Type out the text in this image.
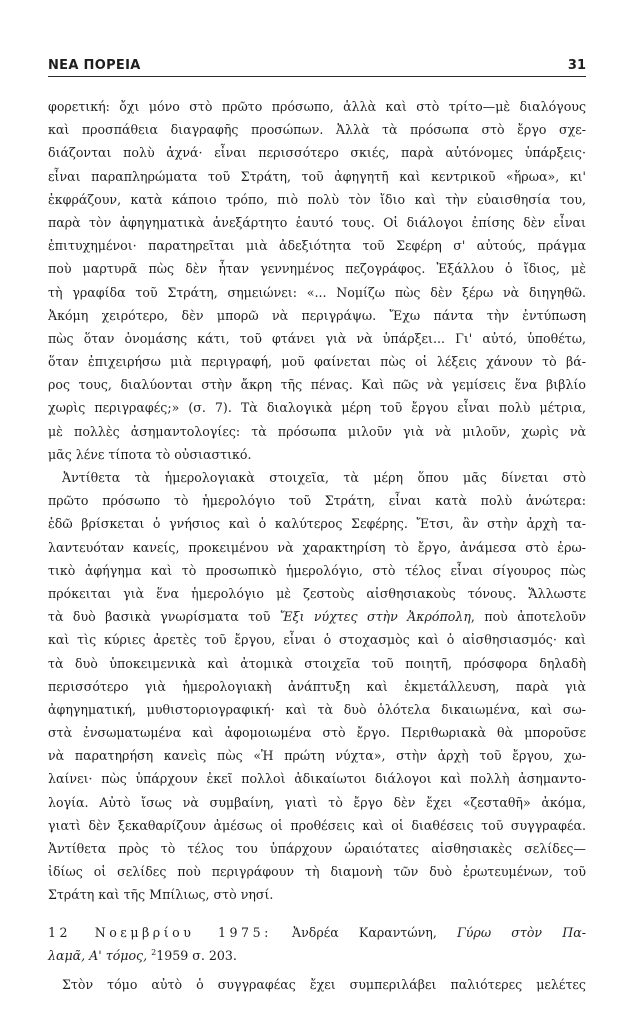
ΝΕΑ ΠΟΡΕΙΑ	31
φορετική: ὄχι μόνο στὸ πρῶτο πρόσωπο, ἀλλὰ καὶ στὸ τρίτο—μὲ διαλόγους
καὶ προσπάθεια διαγραφῆς προσώπων. Ἀλλὰ τὰ πρόσωπα στὸ ἔργο σχε-
διάζονται πολὺ ἀχνά· εἶναι περισσότερο σκιές, παρὰ αὐτόνομες ὑπάρξεις·
εἶναι παραπληρώματα τοῦ Στράτη, τοῦ ἀφηγητῆ καὶ κεντρικοῦ «ἥρωα», κι'
ἐκφράζουν, κατὰ κάποιο τρόπο, πιὸ πολὺ τὸν ἴδιο καὶ τὴν εὐαισθησία του,
παρὰ τὸν ἀφηγηματικὰ ἀνεξάρτητο ἑαυτό τους. Οἱ διάλογοι ἐπίσης δὲν εἶναι
ἐπιτυχημένοι· παρατηρεῖται μιὰ ἀδεξιότητα τοῦ Σεφέρη σ' αὐτούς, πράγμα
ποὺ μαρτυρᾶ πὼς δὲν ἦταν γεννημένος πεζογράφος. Ἐξάλλου ὁ ἴδιος, μὲ
τὴ γραφίδα τοῦ Στράτη, σημειώνει: «... Νομίζω πὼς δὲν ξέρω νὰ διηγηθῶ.
Ἀκόμη χειρότερο, δὲν μπορῶ νὰ περιγράψω. Ἔχω πάντα τὴν ἐντύπωση
πὼς ὅταν ὀνομάσης κάτι, τοῦ φτάνει γιὰ νὰ ὑπάρξει... Γι' αὐτό, ὑποθέτω,
ὅταν ἐπιχειρήσω μιὰ περιγραφή, μοῦ φαίνεται πὼς οἱ λέξεις χάνουν τὸ βά-
ρος τους, διαλύονται στὴν ἄκρη τῆς πένας. Καὶ πῶς νὰ γεμίσεις ἕνα βιβλίο
χωρὶς περιγραφές;» (σ. 7). Τὰ διαλογικὰ μέρη τοῦ ἔργου εἶναι πολὺ μέτρια,
μὲ πολλὲς ἀσημαντολογίες: τὰ πρόσωπα μιλοῦν γιὰ νὰ μιλοῦν, χωρὶς νὰ
μᾶς λένε τίποτα τὸ οὐσιαστικό.
Ἀντίθετα τὰ ἡμερολογιακὰ στοιχεῖα, τὰ μέρη ὅπου μᾶς δίνεται στὸ
πρῶτο πρόσωπο τὸ ἡμερολόγιο τοῦ Στράτη, εἶναι κατὰ πολὺ ἀνώτερα:
ἐδῶ βρίσκεται ὁ γνήσιος καὶ ὁ καλύτερος Σεφέρης. Ἔτσι, ἂν στὴν ἀρχὴ τα-
λαντευόταν κανείς, προκειμένου νὰ χαρακτηρίση τὸ ἔργο, ἀνάμεσα στὸ ἐρω-
τικὸ ἀφήγημα καὶ τὸ προσωπικὸ ἡμερολόγιο, στὸ τέλος εἶναι σίγουρος πὼς
πρόκειται γιὰ ἕνα ἡμερολόγιο μὲ ζεστοὺς αἰσθησιακοὺς τόνους. Ἄλλωστε
τὰ δυὸ βασικὰ γνωρίσματα τοῦ Ἔξι νύχτες στὴν Ἀκρόπολη, ποὺ ἀποτελοῦν
καὶ τὶς κύριες ἀρετὲς τοῦ ἔργου, εἶναι ὁ στοχασμὸς καὶ ὁ αἰσθησιασμός· καὶ
τὰ δυὸ ὑποκειμενικὰ καὶ ἀτομικὰ στοιχεῖα τοῦ ποιητῆ, πρόσφορα δηλαδὴ
περισσότερο γιὰ ἡμερολογιακὴ ἀνάπτυξη καὶ ἐκμετάλλευση, παρὰ γιὰ
ἀφηγηματική, μυθιστοριογραφική· καὶ τὰ δυὸ ὁλότελα δικαιωμένα, καὶ σω-
στὰ ἐνσωματωμένα καὶ ἀφομοιωμένα στὸ ἔργο. Περιθωριακὰ θὰ μποροῦσε
νὰ παρατηρήση κανεὶς πὼς «Ἡ πρώτη νύχτα», στὴν ἀρχὴ τοῦ ἔργου, χω-
λαίνει· πὼς ὑπάρχουν ἐκεῖ πολλοὶ ἀδικαίωτοι διάλογοι καὶ πολλὴ ἀσημαντο-
λογία. Αὐτὸ ἴσως νὰ συμβαίνη, γιατὶ τὸ ἔργο δὲν ἔχει «ζεσταθῆ» ἀκόμα,
γιατὶ δὲν ξεκαθαρίζουν ἀμέσως οἱ προθέσεις καὶ οἱ διαθέσεις τοῦ συγγραφέα.
Ἀντίθετα πρὸς τὸ τέλος του ὑπάρχουν ὡραιότατες αἰσθησιακὲς σελίδες—
ἰδίως οἱ σελίδες ποὺ περιγράφουν τὴ διαμονὴ τῶν δυὸ ἐρωτευμένων, τοῦ
Στράτη καὶ τῆς Μπίλιως, στὸ νησί.
12 Νοεμβρίου 1975: Ἀνδρέα Καραντώνη, Γύρω στὸν Πα-
λαμᾶ, Α' τόμος, $^2$1959 σ. 203.
Στὸν τόμο αὐτὸ ὁ συγγραφέας ἔχει συμπεριλάβει παλιότερες μελέτες
